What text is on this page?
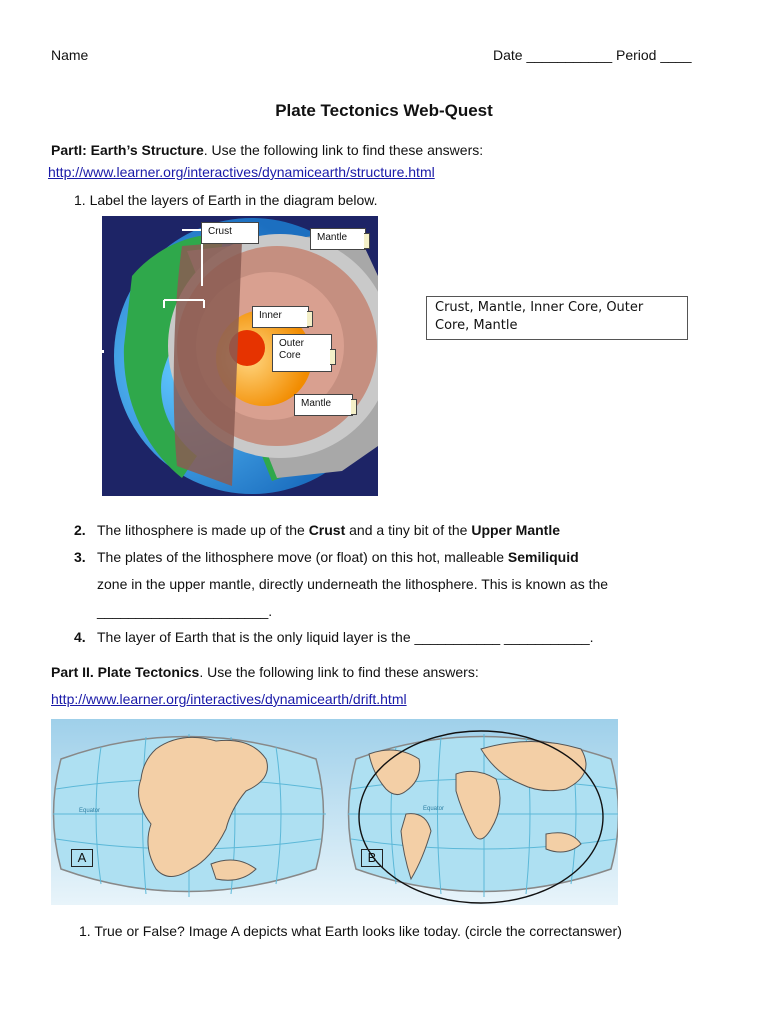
Name	Date ___________ Period ____
Plate Tectonics Web-Quest
PartI: Earth’s Structure. Use the following link to find these answers:
http://www.learner.org/interactives/dynamicearth/structure.html
1. Label the layers of Earth in the diagram below.
Crust
Mantle
Inner
Outer
Core
Mantle
Crust, Mantle, Inner Core, Outer Core, Mantle
2. The lithosphere is made up of the Crust and a tiny bit of the Upper Mantle
3. The plates of the lithosphere move (or float) on this hot, malleable Semiliquid
zone in the upper mantle, directly underneath the lithosphere. This is known as the
______________________.
4. The layer of Earth that is the only liquid layer is the ___________ ___________.
Part II. Plate Tectonics. Use the following link to find these answers:
http://www.learner.org/interactives/dynamicearth/drift.html
Equator	Equator
A	B
1. True or False? Image A depicts what Earth looks like today. (circle the correctanswer)
